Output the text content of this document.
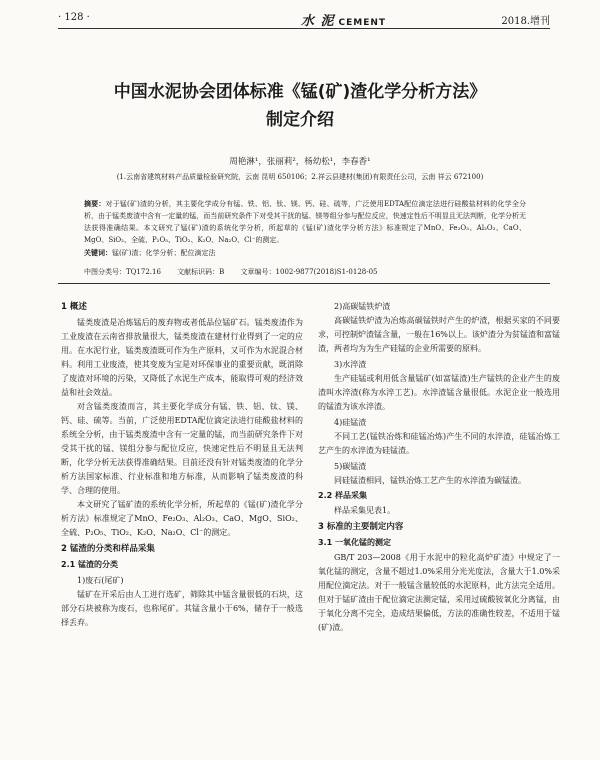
· 128 ·	水 泥 CEMENT	2018.增刊
中国水泥协会团体标准《锰(矿)渣化学分析方法》
制定介绍
周艳淋¹，张丽莉²，杨幼松¹，李春香¹
(1.云南省建筑材料产品质量检验研究院，云南 昆明 650106；2.祥云县建材(集团)有限责任公司，云南 祥云 672100)
摘要：对于锰(矿)渣的分析，其主要化学成分有锰、铁、铝、钛、镁、钙、硅、硫等，广泛使用EDTA配位滴定法进行硅酸盐材料的化学全分析，由于锰类废渣中含有一定量的锰，而当前研究条件下对受其干扰的锰、镁等组分参与配位反应，快速定性后不明显且无法判断，化学分析无法获得准确结果。本文研究了锰(矿)渣的系统化学分析，所起草的《锰(矿)渣化学分析方法》标准规定了MnO、Fe₂O₃、Al₂O₃、CaO、MgO、SiO₂、全硫、P₂O₅、TiO₂、K₂O、Na₂O、Cl⁻的测定。
关键词：锰(矿)渣；化学分析；配位滴定法
中图分类号：TQ172.16 文献标识码：B 文章编号：1002-9877(2018)S1-0128-05
1 概述

锰类废渣是冶炼锰后的废弃物或者低品位锰矿石。锰类废渣作为工业废渣在云南省排放量很大，锰类废渣在建材行业得到了一定的应用。在水泥行业，锰类废渣既可作为生产原料，又可作为水泥混合材料。利用工业废渣，使其变废为宝是对环保事业的重要贡献，既消除了废渣对环境的污染，又降低了水泥生产成本，能取得可观的经济效益和社会效益。

对含锰类废渣而言，其主要化学成分有锰、铁、铝、钛、镁、钙、硅、硫等。当前，广泛使用EDTA配位滴定法进行硅酸盐材料的系统全分析，由于锰类废渣中含有一定量的锰，而当前研究条件下对受其干扰的锰、镁组分参与配位反应，快速定性后不明显且无法判断，化学分析无法获得准确结果。目前还没有针对锰类废渣的化学分析方法国家标准、行业标准和地方标准，从而影响了锰类废渣的科学、合理的使用。

本文研究了锰矿渣的系统化学分析，所起草的《锰(矿)渣化学分析方法》标准规定了MnO、Fe₂O₃、Al₂O₃、CaO、MgO、SiO₂、全硫、P₂O₅、TiO₂、K₂O、Na₂O、Cl⁻的测定。

2 锰渣的分类和样品采集
2.1 锰渣的分类

1)废石(尾矿)

锰矿在开采后由人工进行选矿，筛除其中锰含量很低的石块，这部分石块被称为废石，也称尾矿。其锰含量小于6%，储存于一般选择丢弃。

2)高碳锰铁炉渣

高碳锰铁炉渣为冶炼高碳锰铁时产生的炉渣，根据买家的不同要求，可控制炉渣锰含量，一般在16%以上。该炉渣分为贫锰渣和富锰渣，两者均为为生产硅锰的企业所需要的原料。

3)水淬渣

生产硅锰或利用低含量锰矿(如富锰渣)生产锰铁的企业产生的废渣叫水淬渣(称为水淬工艺)。水淬渣锰含量很低。水泥企业一般选用的锰渣为该水淬渣。

4)硅锰渣

不同工艺(锰铁冶炼和硅锰冶炼)产生不同的水淬渣，硅锰冶炼工艺产生的水淬渣为硅锰渣。

5)碳锰渣

同硅锰渣相同，锰铁冶炼工艺产生的水淬渣为碳锰渣。

2.2 样品采集

样品采集见表1。

3 标准的主要制定内容
3.1 一氧化锰的测定

GB/T 203—2008《用于水泥中的粒化高炉矿渣》中规定了一氧化锰的测定，含量不超过1.0%采用分光光度法，含量大于1.0%采用配位滴定法。对于一般锰含量较低的水泥原料，此方法完全适用。但对于锰矿渣由于配位滴定法测定锰，采用过硫酸铵氧化分离锰，由于氧化分离不完全，造成结果偏低，方法的准确性较差，不适用于锰(矿)渣。
